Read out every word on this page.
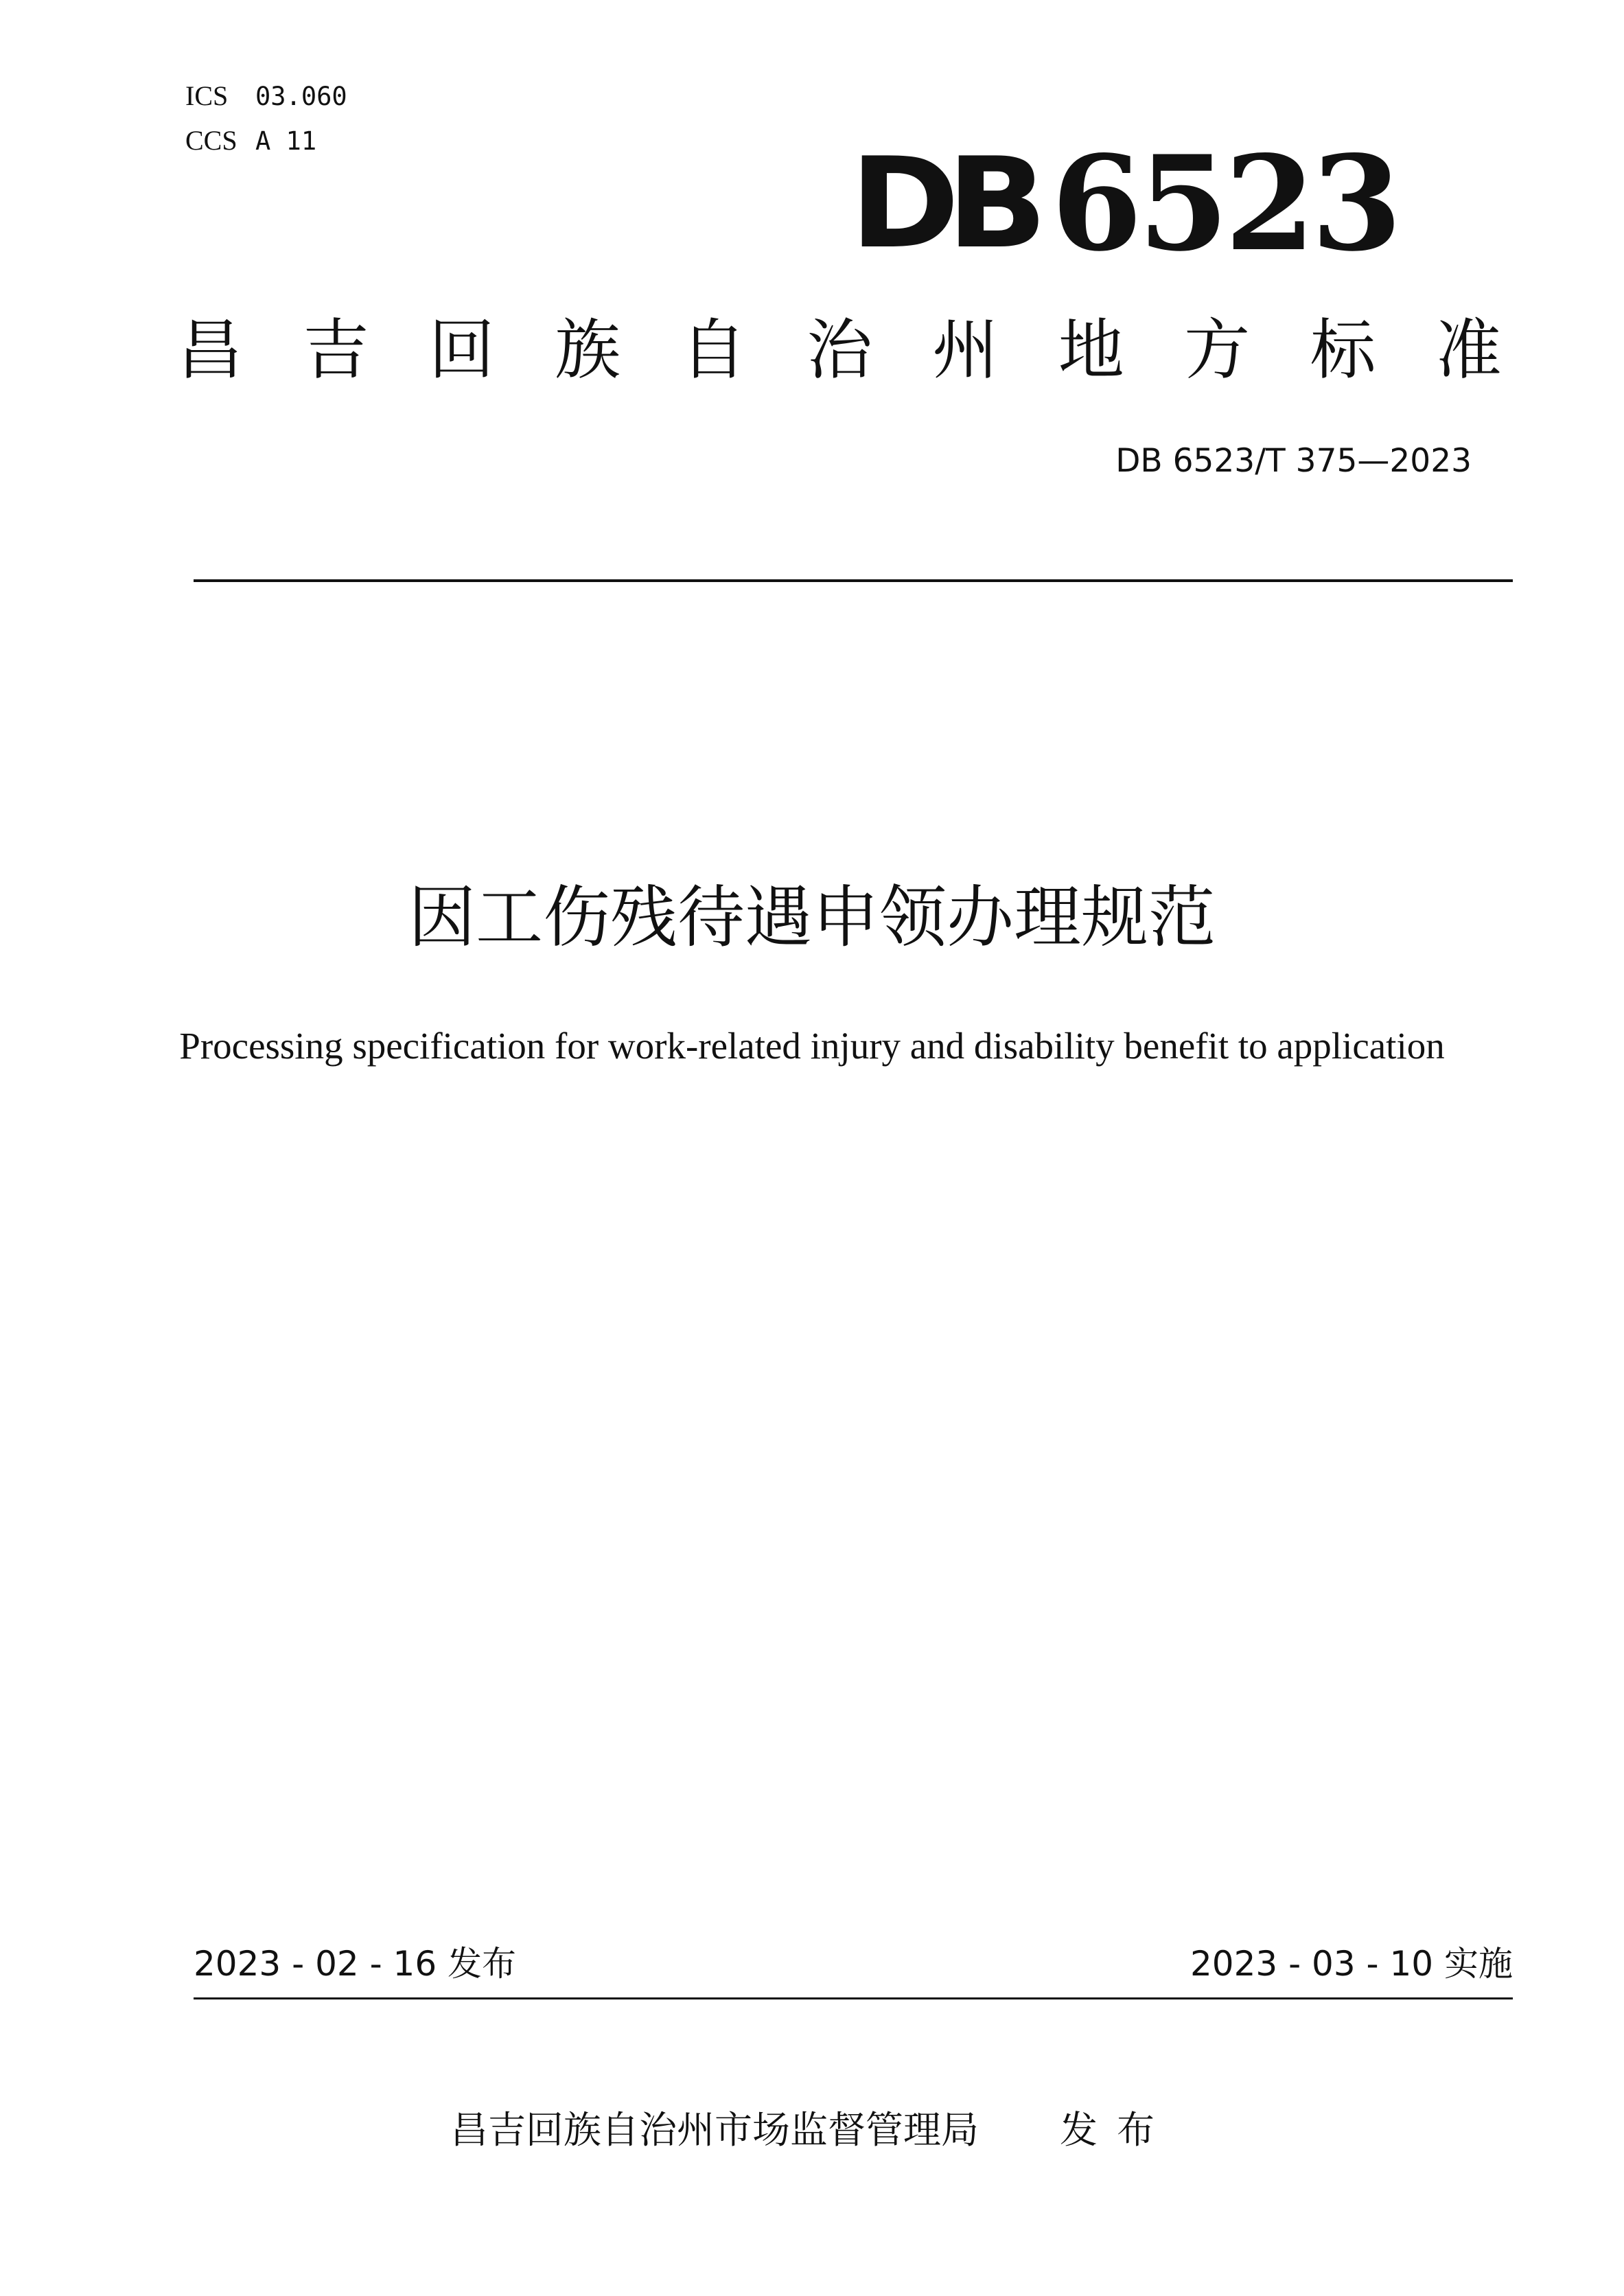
ICS	03.060
CCS A 11	DB 6523
昌 吉 回 族 自 治 州 地 方 标 准
DB 6523/T 375—2023
因工伤残待遇申领办理规范
Processing specification for work-related injury and disability benefit to application
2023 - 02 - 16 发布	2023 - 03 - 10 实施
昌吉回族自治州市场监督管理局 发布
